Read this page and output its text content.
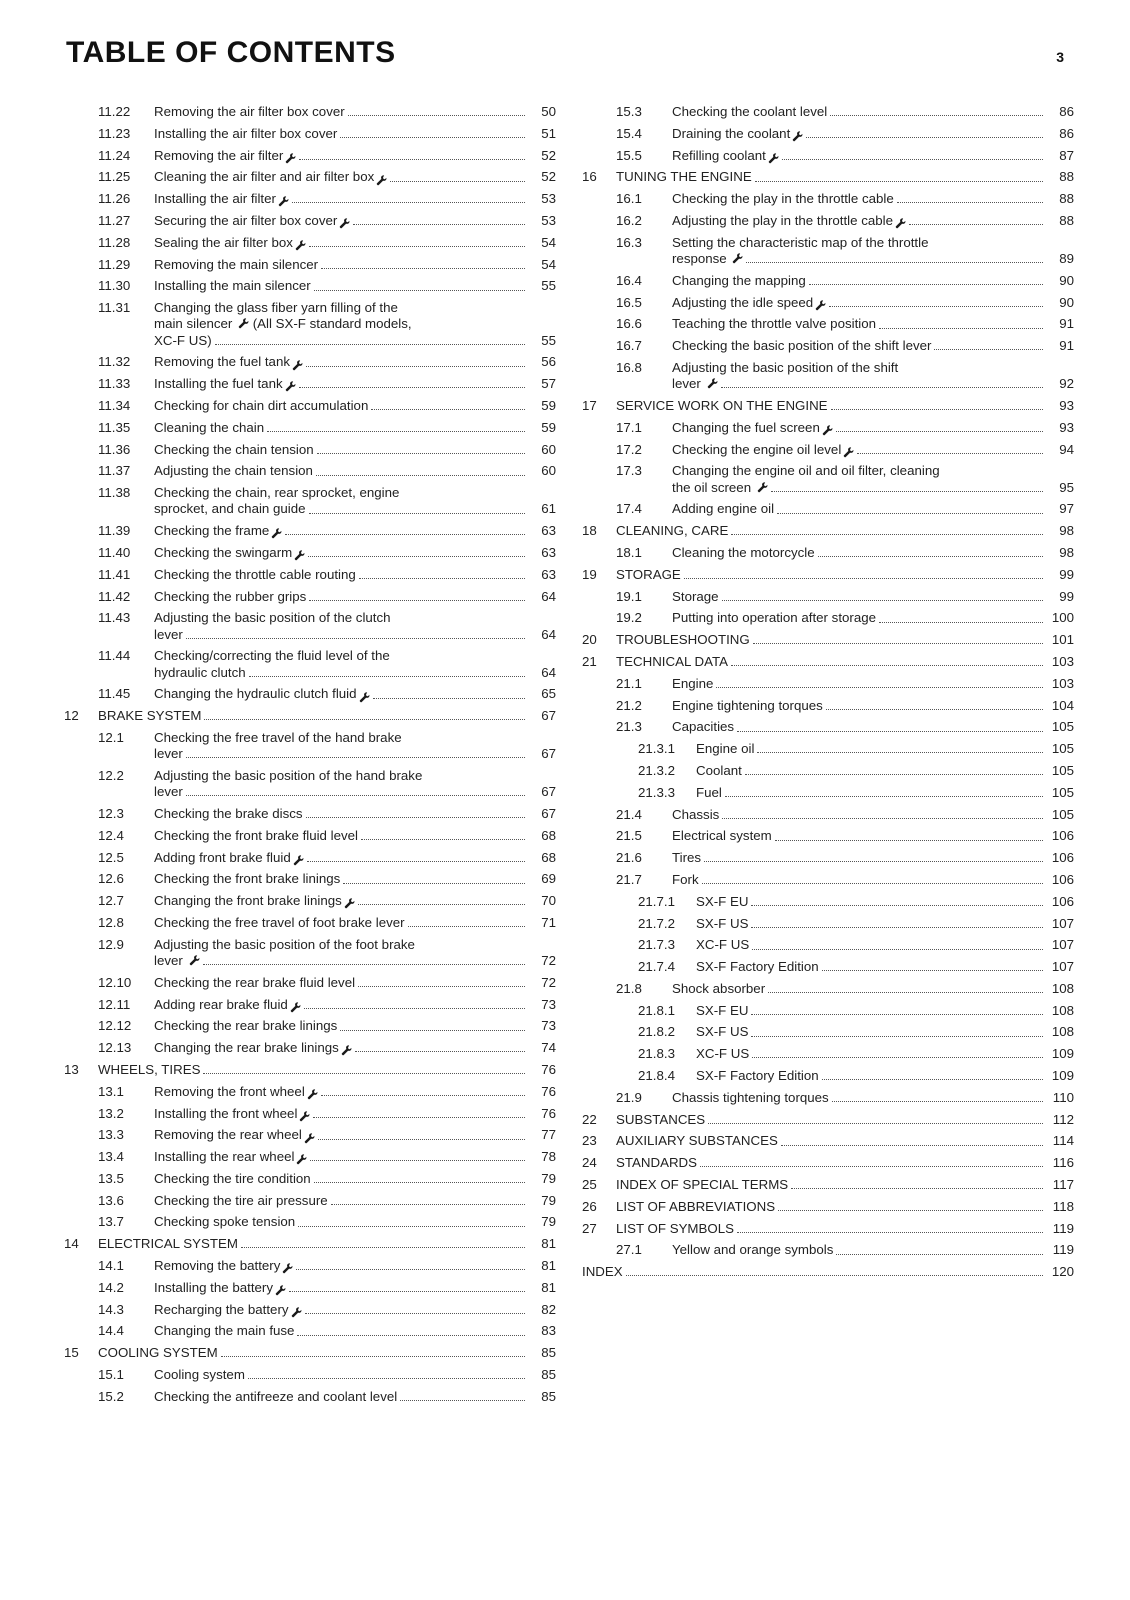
TABLE OF CONTENTS	3
11.22	Removing the air filter box cover	50
11.23	Installing the air filter box cover	51
11.24	Removing the air filter	52
11.25	Cleaning the air filter and air filter box	52
11.26	Installing the air filter	53
11.27	Securing the air filter box cover	53
11.28	Sealing the air filter box	54
11.29	Removing the main silencer	54
11.30	Installing the main silencer	55
11.31	Changing the glass fiber yarn filling of the
main silencer
(All SX-F standard models,
XC-F US)	55
11.32	Removing the fuel tank	56
11.33	Installing the fuel tank	57
11.34	Checking for chain dirt accumulation	59
11.35	Cleaning the chain	59
11.36	Checking the chain tension	60
11.37	Adjusting the chain tension	60
11.38	Checking the chain, rear sprocket, engine
sprocket, and chain guide	61
11.39	Checking the frame	63
11.40	Checking the swingarm	63
11.41	Checking the throttle cable routing	63
11.42	Checking the rubber grips	64
11.43	Adjusting the basic position of the clutch
lever	64
11.44	Checking/correcting the fluid level of the
hydraulic clutch	64
11.45	Changing the hydraulic clutch fluid	65
12	BRAKE SYSTEM	67
12.1	Checking the free travel of the hand brake
lever	67
12.2	Adjusting the basic position of the hand brake
lever	67
12.3	Checking the brake discs	67
12.4	Checking the front brake fluid level	68
12.5	Adding front brake fluid	68
12.6	Checking the front brake linings	69
12.7	Changing the front brake linings	70
12.8	Checking the free travel of foot brake lever	71
12.9	Adjusting the basic position of the foot brake
lever	72
12.10	Checking the rear brake fluid level	72
12.11	Adding rear brake fluid	73
12.12	Checking the rear brake linings	73
12.13	Changing the rear brake linings	74
13	WHEELS, TIRES	76
13.1	Removing the front wheel	76
13.2	Installing the front wheel	76
13.3	Removing the rear wheel	77
13.4	Installing the rear wheel	78
13.5	Checking the tire condition	79
13.6	Checking the tire air pressure	79
13.7	Checking spoke tension	79
14	ELECTRICAL SYSTEM	81
14.1	Removing the battery	81
14.2	Installing the battery	81
14.3	Recharging the battery	82
14.4	Changing the main fuse	83
15	COOLING SYSTEM	85
15.1	Cooling system	85
15.2	Checking the antifreeze and coolant level	85
15.3	Checking the coolant level	86
15.4	Draining the coolant	86
15.5	Refilling coolant	87
16	TUNING THE ENGINE	88
16.1	Checking the play in the throttle cable	88
16.2	Adjusting the play in the throttle cable	88
16.3	Setting the characteristic map of the throttle
response	89
16.4	Changing the mapping	90
16.5	Adjusting the idle speed	90
16.6	Teaching the throttle valve position	91
16.7	Checking the basic position of the shift lever	91
16.8	Adjusting the basic position of the shift
lever	92
17	SERVICE WORK ON THE ENGINE	93
17.1	Changing the fuel screen	93
17.2	Checking the engine oil level	94
17.3	Changing the engine oil and oil filter, cleaning
the oil screen	95
17.4	Adding engine oil	97
18	CLEANING, CARE	98
18.1	Cleaning the motorcycle	98
19	STORAGE	99
19.1	Storage	99
19.2	Putting into operation after storage	100
20	TROUBLESHOOTING	101
21	TECHNICAL DATA	103
21.1	Engine	103
21.2	Engine tightening torques	104
21.3	Capacities	105
21.3.1	Engine oil	105
21.3.2	Coolant	105
21.3.3	Fuel	105
21.4	Chassis	105
21.5	Electrical system	106
21.6	Tires	106
21.7	Fork	106
21.7.1	SX-F EU	106
21.7.2	SX-F US	107
21.7.3	XC-F US	107
21.7.4	SX-F Factory Edition	107
21.8	Shock absorber	108
21.8.1	SX-F EU	108
21.8.2	SX-F US	108
21.8.3	XC-F US	109
21.8.4	SX-F Factory Edition	109
21.9	Chassis tightening torques	110
22	SUBSTANCES	112
23	AUXILIARY SUBSTANCES	114
24	STANDARDS	116
25	INDEX OF SPECIAL TERMS	117
26	LIST OF ABBREVIATIONS	118
27	LIST OF SYMBOLS	119
27.1	Yellow and orange symbols	119
INDEX	120
